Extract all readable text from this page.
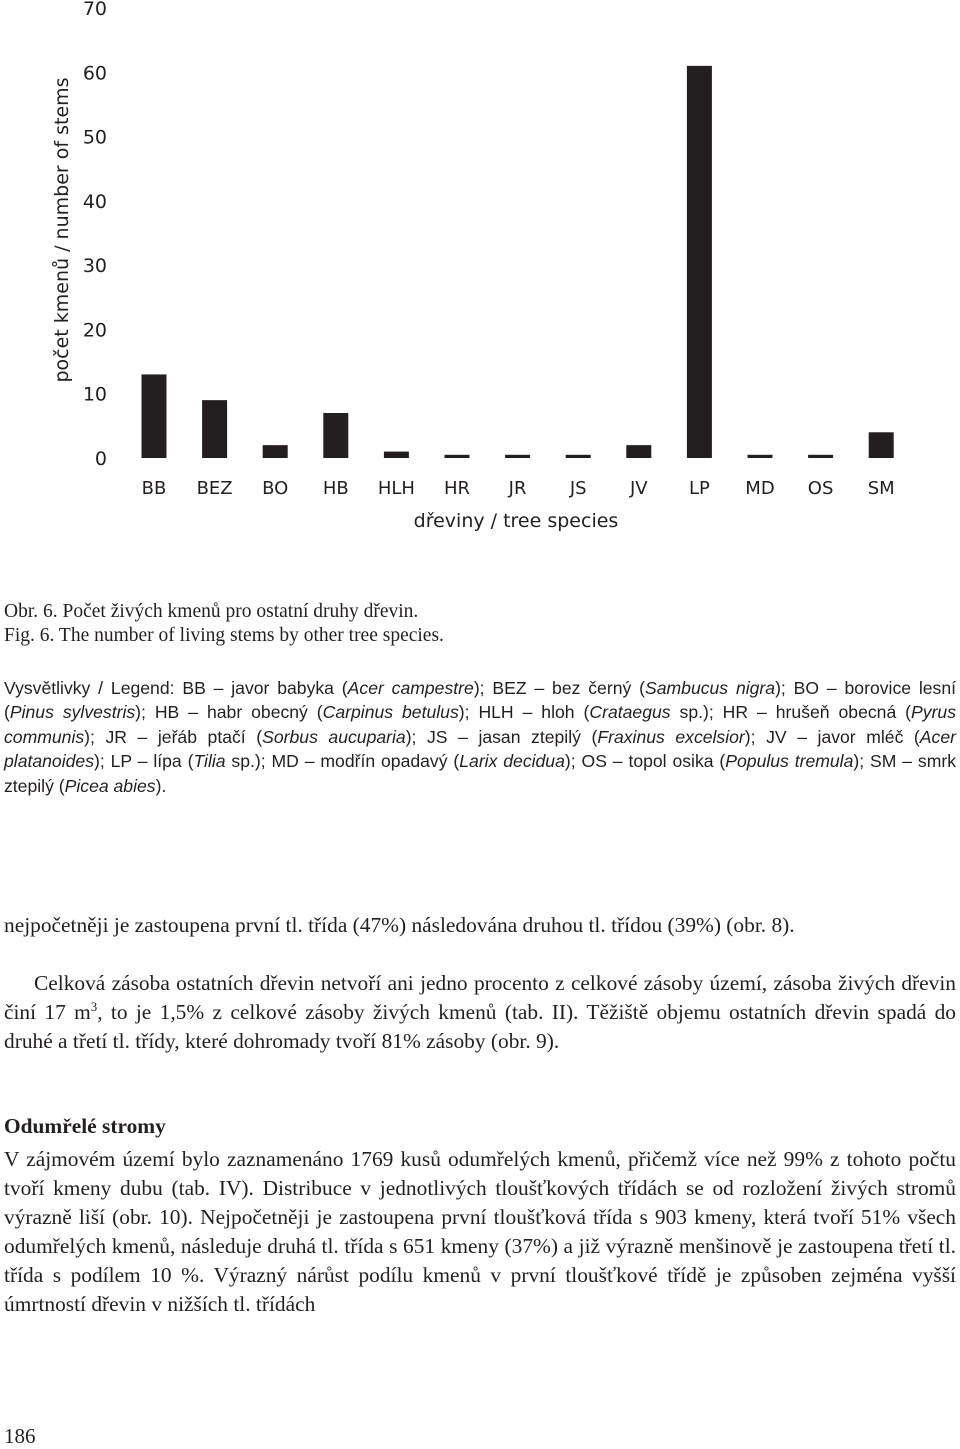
0
10
20
30
40
50
60
70
BB BEZ BO HB HLH HR JR JS JV LP MD OS SM
počet kmenů / number of stems
dřeviny / tree species

Obr. 6. Počet živých kmenů pro ostatní druhy dřevin.

Fig. 6. The number of living stems by other tree species.

Vysvětlivky / Legend: BB – javor babyka (Acer campestre); BEZ – bez černý (Sambucus nigra); BO – borovice lesní (Pinus sylvestris); HB – habr obecný (Carpinus betulus); HLH – hloh (Crataegus sp.); HR – hrušeň obecná (Pyrus communis); JR – jeřáb ptačí (Sorbus aucuparia); JS – jasan ztepilý (Fraxinus excelsior); JV – javor mléč (Acer platanoides); LP – lípa (Tilia sp.); MD – modřín opadavý (Larix decidua); OS – topol osika (Populus tremula); SM – smrk ztepilý (Picea abies).

nejpočetněji je zastoupena první tl. třída (47%) následována druhou tl. třídou (39%) (obr. 8).

Celková zásoba ostatních dřevin netvoří ani jedno procento z celkové zásoby území, zásoba živých dřevin činí 17 $m^3$, to je 1,5% z celkové zásoby živých kmenů (tab. II). Těžiště objemu ostatních dřevin spadá do druhé a třetí tl. třídy, které dohromady tvoří 81% zásoby (obr. 9).

Odumřelé stromy

V zájmovém území bylo zaznamenáno 1769 kusů odumřelých kmenů, přičemž více než 99% z tohoto počtu tvoří kmeny dubu (tab. IV). Distribuce v jednotlivých tloušťkových třídách se od rozložení živých stromů výrazně liší (obr. 10). Nejpočetněji je zastoupena první tloušťková třída s 903 kmeny, která tvoří 51% všech odumřelých kmenů, následuje druhá tl. třída s 651 kmeny (37%) a již výrazně menšinově je zastoupena třetí tl. třída s podílem 10 %. Výrazný nárůst podílu kmenů v první tloušťkové třídě je způsoben zejména vyšší úmrtností dřevin v nižších tl. třídách

186
